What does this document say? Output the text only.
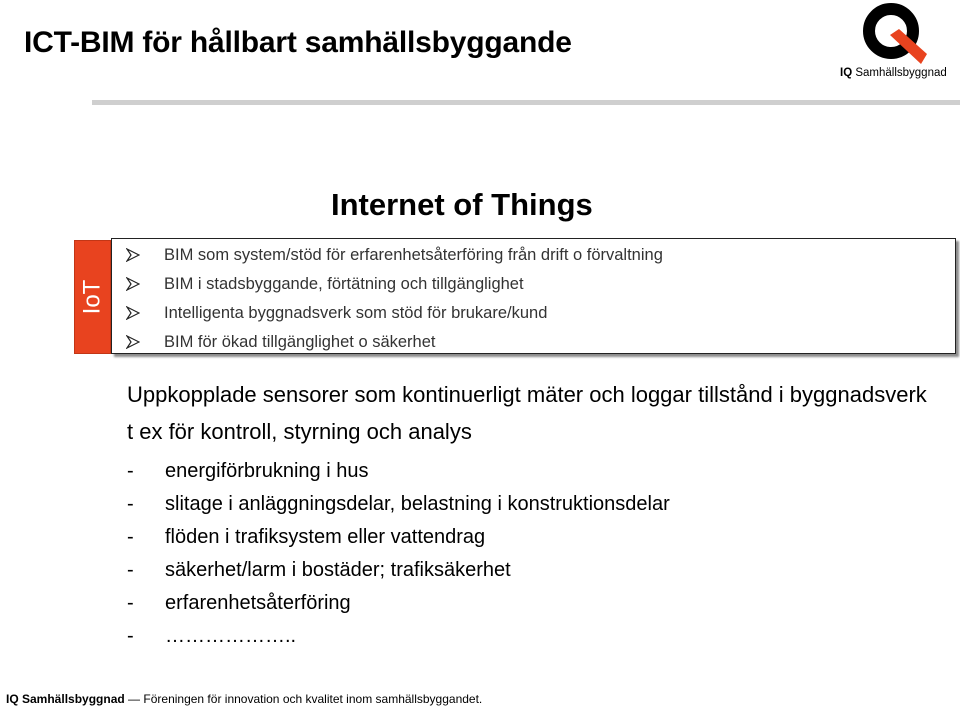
ICT-BIM för hållbart samhällsbyggande
IQ Samhällsbyggnad
Internet of Things
IoT
BIM som system/stöd för erfarenhetsåterföring från drift o förvaltning
BIM i stadsbyggande, förtätning och tillgänglighet
Intelligenta byggnadsverk som stöd för brukare/kund
BIM för ökad tillgänglighet o säkerhet

Uppkopplade sensorer som kontinuerligt mäter och loggar tillstånd i byggnadsverk t ex för kontroll, styrning och analys

- energiförbrukning i hus
- slitage i anläggningsdelar, belastning i konstruktionsdelar
- flöden i trafiksystem eller vattendrag
- säkerhet/larm i bostäder; trafiksäkerhet
- erfarenhetsåterföring
- ………………..
IQ Samhällsbyggnad — Föreningen för innovation och kvalitet inom samhällsbyggandet.
